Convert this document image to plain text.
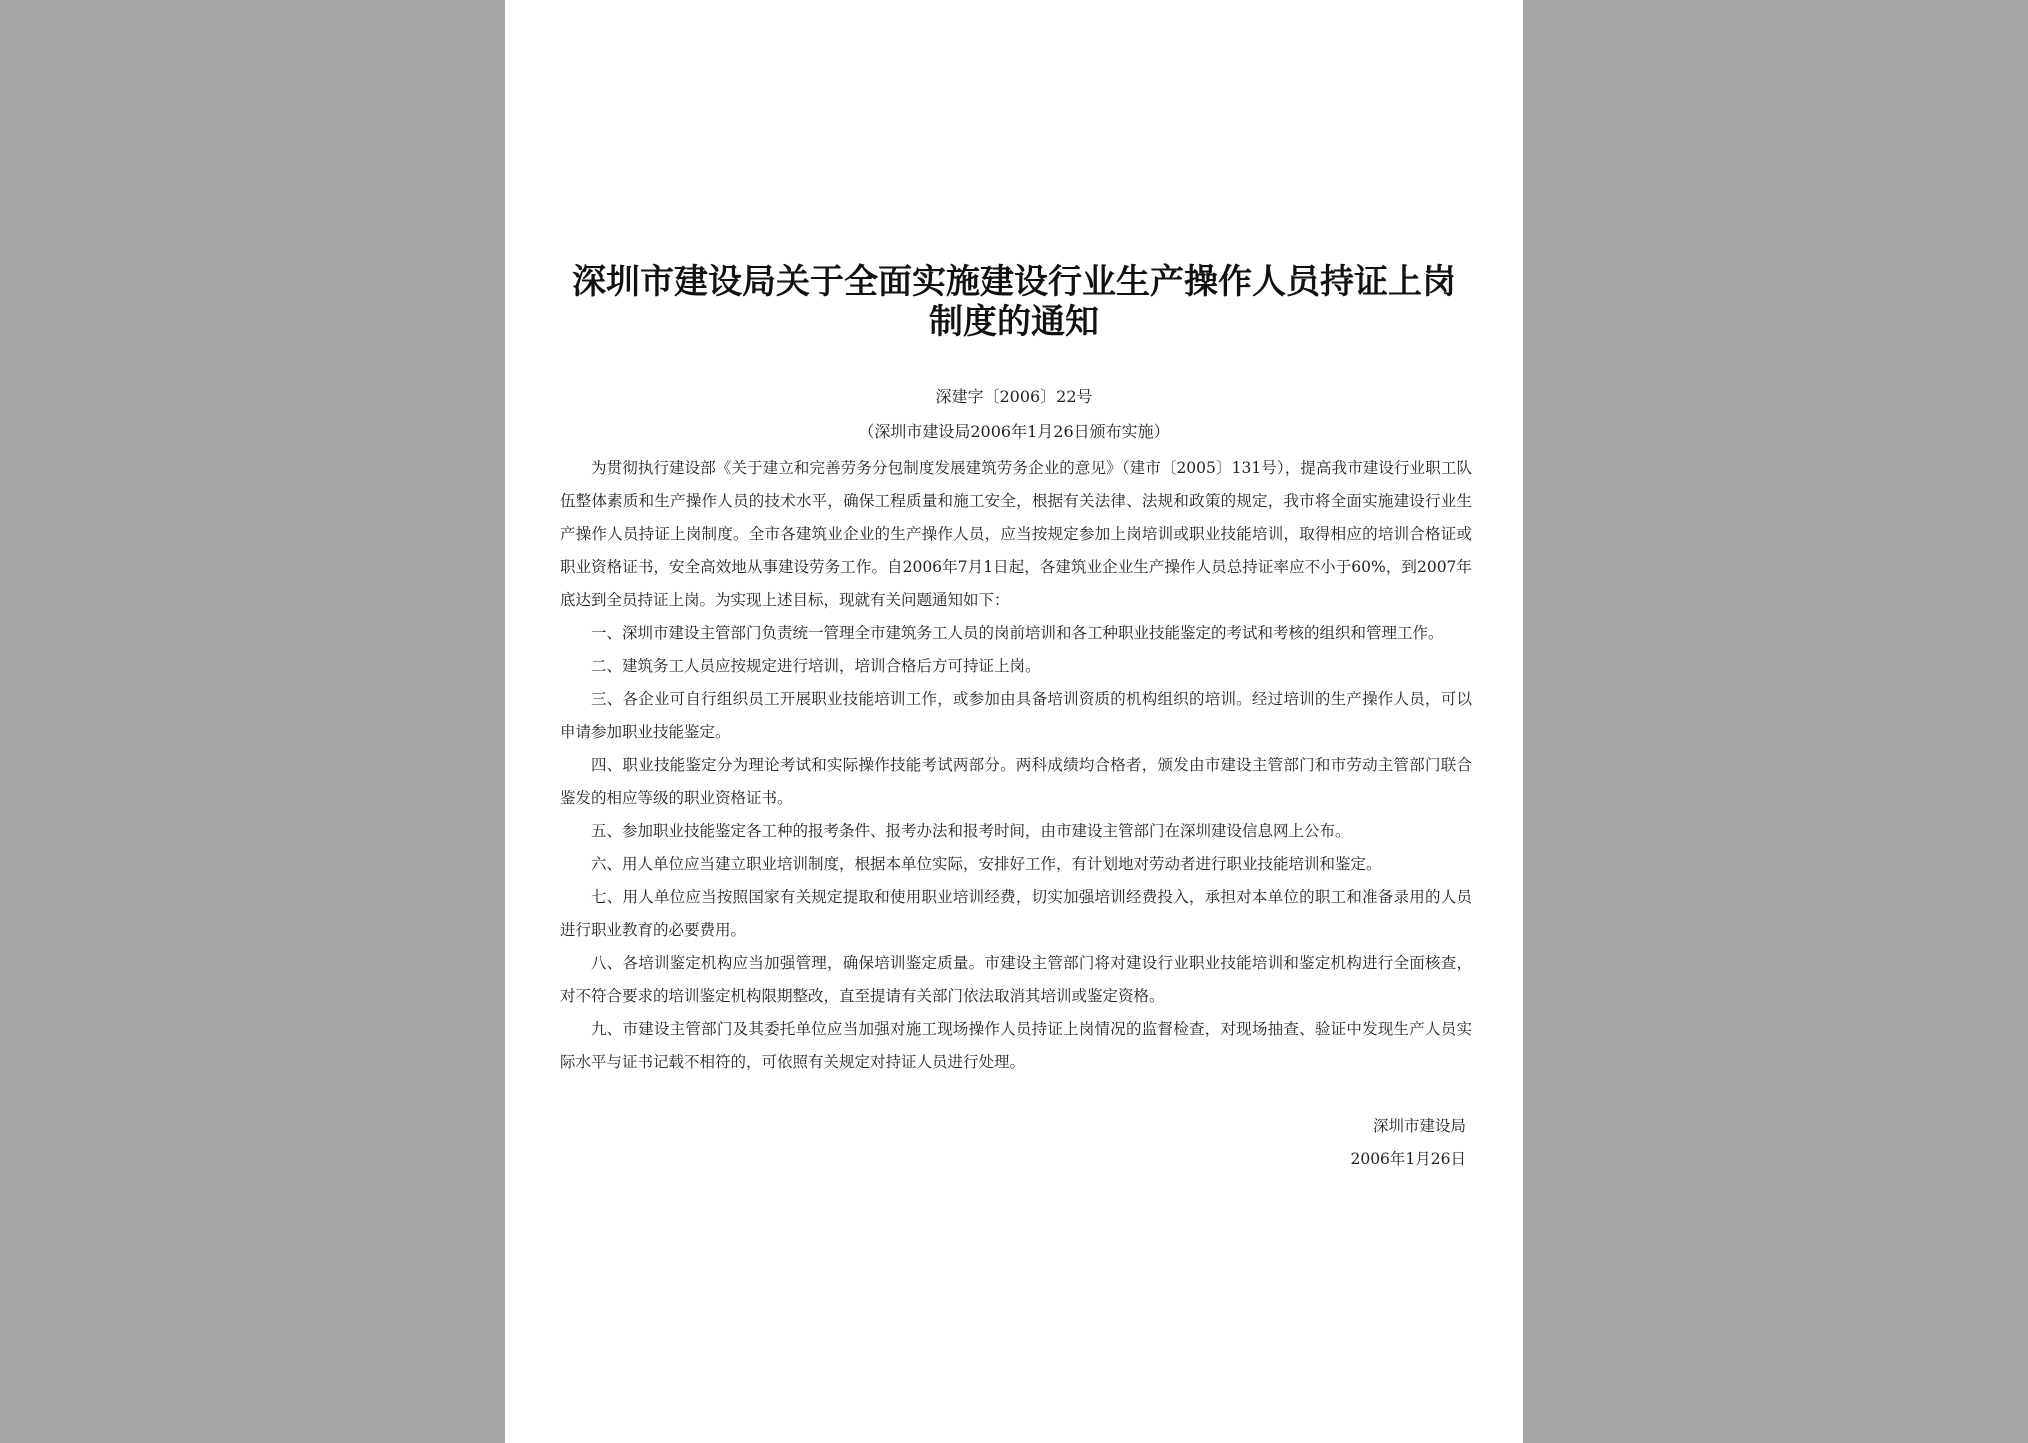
深圳市建设局关于全面实施建设行业生产操作人员持证上岗制度的通知
深建字〔2006〕22号
（深圳市建设局2006年1月26日颁布实施）

为贯彻执行建设部《关于建立和完善劳务分包制度发展建筑劳务企业的意见》（建市〔2005〕131号），提高我市建设行业职工队伍整体素质和生产操作人员的技术水平，确保工程质量和施工安全，根据有关法律、法规和政策的规定，我市将全面实施建设行业生产操作人员持证上岗制度。全市各建筑业企业的生产操作人员，应当按规定参加上岗培训或职业技能培训，取得相应的培训合格证或职业资格证书，安全高效地从事建设劳务工作。自2006年7月1日起，各建筑业企业生产操作人员总持证率应不小于60%，到2007年底达到全员持证上岗。为实现上述目标，现就有关问题通知如下：

一、深圳市建设主管部门负责统一管理全市建筑务工人员的岗前培训和各工种职业技能鉴定的考试和考核的组织和管理工作。

二、建筑务工人员应按规定进行培训，培训合格后方可持证上岗。

三、各企业可自行组织员工开展职业技能培训工作，或参加由具备培训资质的机构组织的培训。经过培训的生产操作人员，可以申请参加职业技能鉴定。

四、职业技能鉴定分为理论考试和实际操作技能考试两部分。两科成绩均合格者，颁发由市建设主管部门和市劳动主管部门联合鉴发的相应等级的职业资格证书。

五、参加职业技能鉴定各工种的报考条件、报考办法和报考时间，由市建设主管部门在深圳建设信息网上公布。

六、用人单位应当建立职业培训制度，根据本单位实际，安排好工作，有计划地对劳动者进行职业技能培训和鉴定。

七、用人单位应当按照国家有关规定提取和使用职业培训经费，切实加强培训经费投入，承担对本单位的职工和准备录用的人员进行职业教育的必要费用。

八、各培训鉴定机构应当加强管理，确保培训鉴定质量。市建设主管部门将对建设行业职业技能培训和鉴定机构进行全面核查，对不符合要求的培训鉴定机构限期整改，直至提请有关部门依法取消其培训或鉴定资格。

九、市建设主管部门及其委托单位应当加强对施工现场操作人员持证上岗情况的监督检查，对现场抽查、验证中发现生产人员实际水平与证书记载不相符的，可依照有关规定对持证人员进行处理。

深圳市建设局
2006年1月26日
